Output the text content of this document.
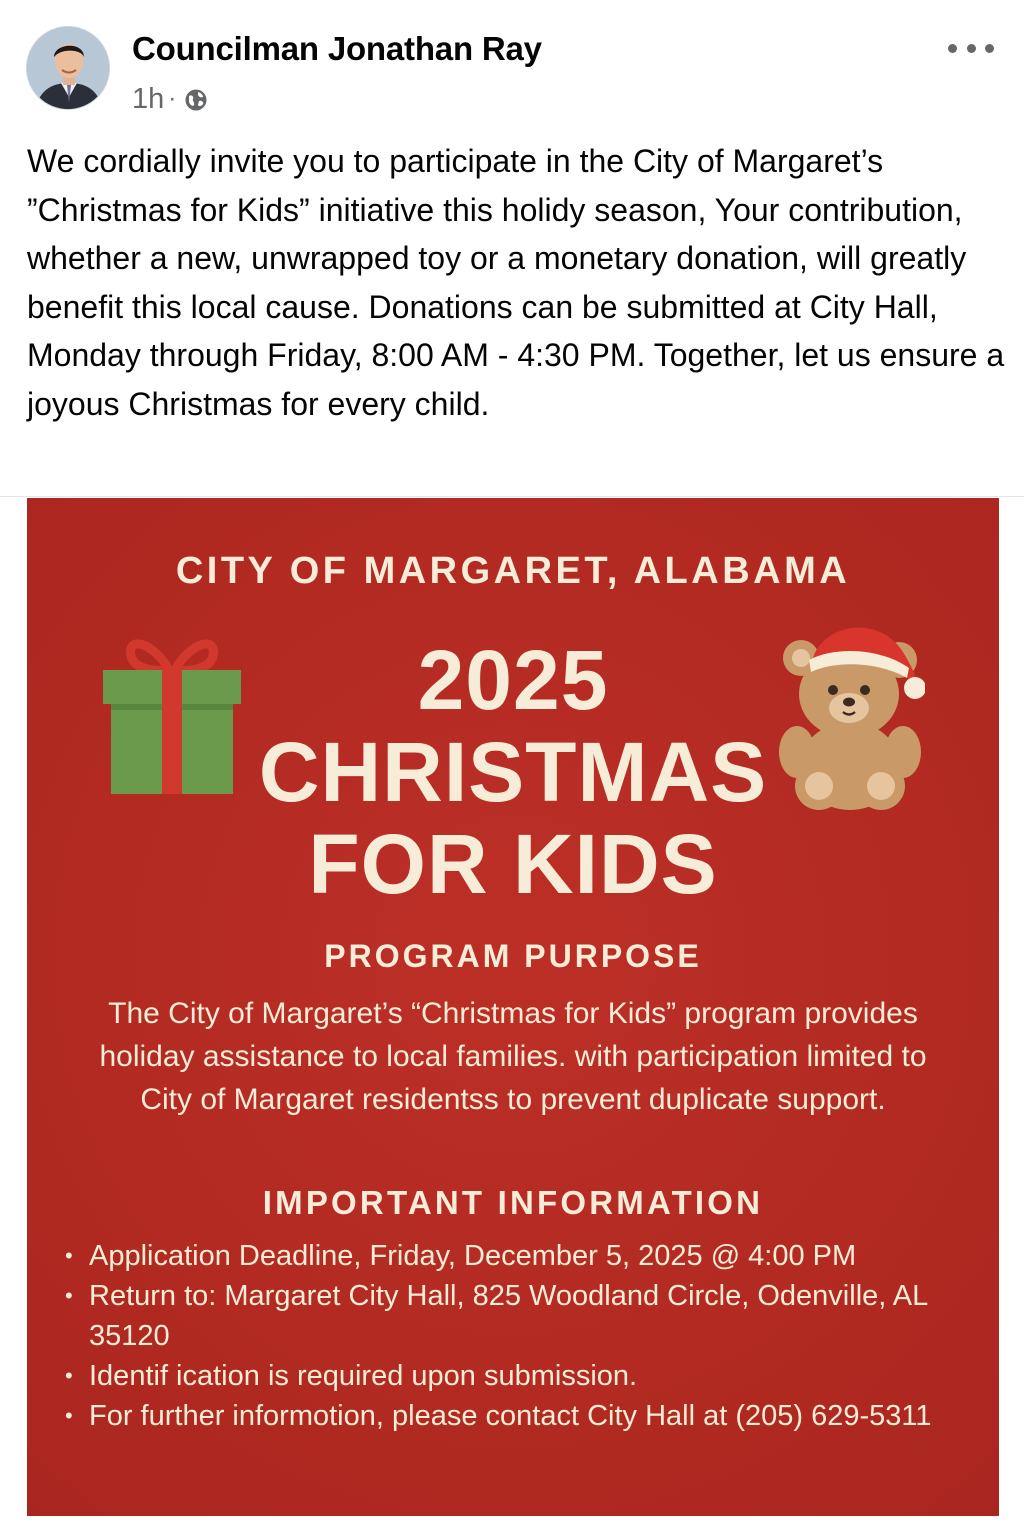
Councilman Jonathan Ray
1h ·
We cordially invite you to participate in the City of Margaret’s ”Christmas for Kids” initiative this holidy season, Your contribution, whether a new, unwrapped toy or a monetary donation, will greatly benefit this local cause. Donations can be submitted at City Hall, Monday through Friday, 8:00 AM - 4:30 PM. Together, let us ensure a joyous Christmas for every child.
CITY OF MARGARET, ALABAMA
2025
CHRISTMAS
FOR KIDS
PROGRAM PURPOSE
The City of Margaret’s “Christmas for Kids” program provides holiday assistance to local families. with participation limited to City of Margaret residentss to prevent duplicate support.
IMPORTANT INFORMATION
• Application Deadline, Friday, December 5, 2025 @ 4:00 PM
• Return to: Margaret City Hall, 825 Woodland Circle, Odenville, AL 35120
• Identif ication is required upon submission.
• For further informotion, please contact City Hall at (205) 629-5311
